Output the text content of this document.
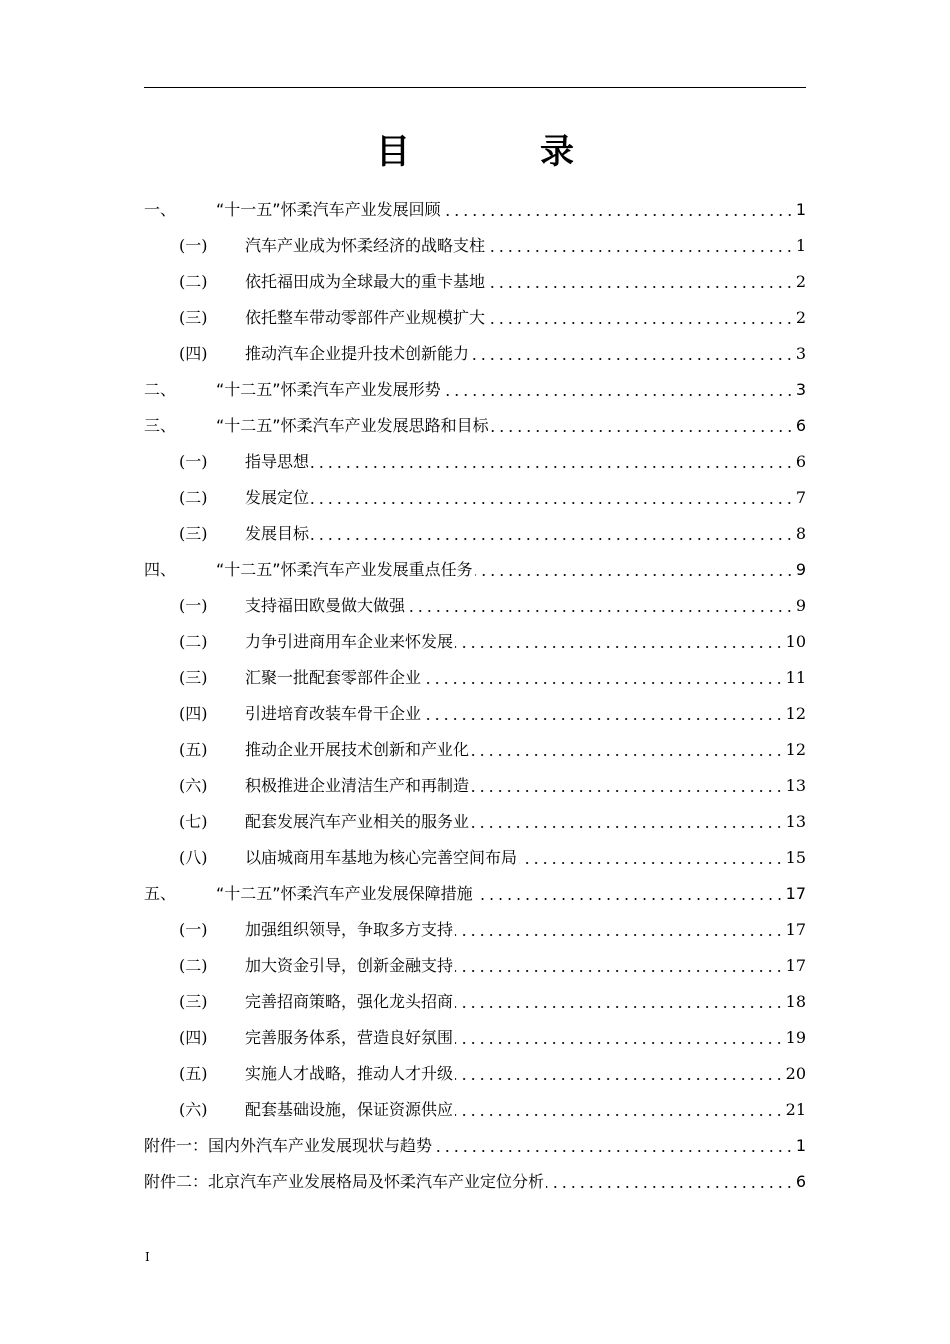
目　录
一、	“十一五”怀柔汽车产业发展回顾	1
(一)	汽车产业成为怀柔经济的战略支柱	1
(二)	依托福田成为全球最大的重卡基地	2
(三)	依托整车带动零部件产业规模扩大	2
(四)	推动汽车企业提升技术创新能力	3
二、	“十二五”怀柔汽车产业发展形势	3
三、	“十二五”怀柔汽车产业发展思路和目标	6
(一)	指导思想	6
(二)	发展定位	7
(三)	发展目标	8
四、	“十二五”怀柔汽车产业发展重点任务	9
(一)	支持福田欧曼做大做强	9
(二)	力争引进商用车企业来怀发展	10
(三)	汇聚一批配套零部件企业	11
(四)	引进培育改装车骨干企业	12
(五)	推动企业开展技术创新和产业化	12
(六)	积极推进企业清洁生产和再制造	13
(七)	配套发展汽车产业相关的服务业	13
(八)	以庙城商用车基地为核心完善空间布局	15
五、	“十二五”怀柔汽车产业发展保障措施	17
(一)	加强组织领导，争取多方支持	17
(二)	加大资金引导，创新金融支持	17
(三)	完善招商策略，强化龙头招商	18
(四)	完善服务体系，营造良好氛围	19
(五)	实施人才战略，推动人才升级	20
(六)	配套基础设施，保证资源供应	21
附件一： 国内外汽车产业发展现状与趋势	1
附件二： 北京汽车产业发展格局及怀柔汽车产业定位分析	6
I
